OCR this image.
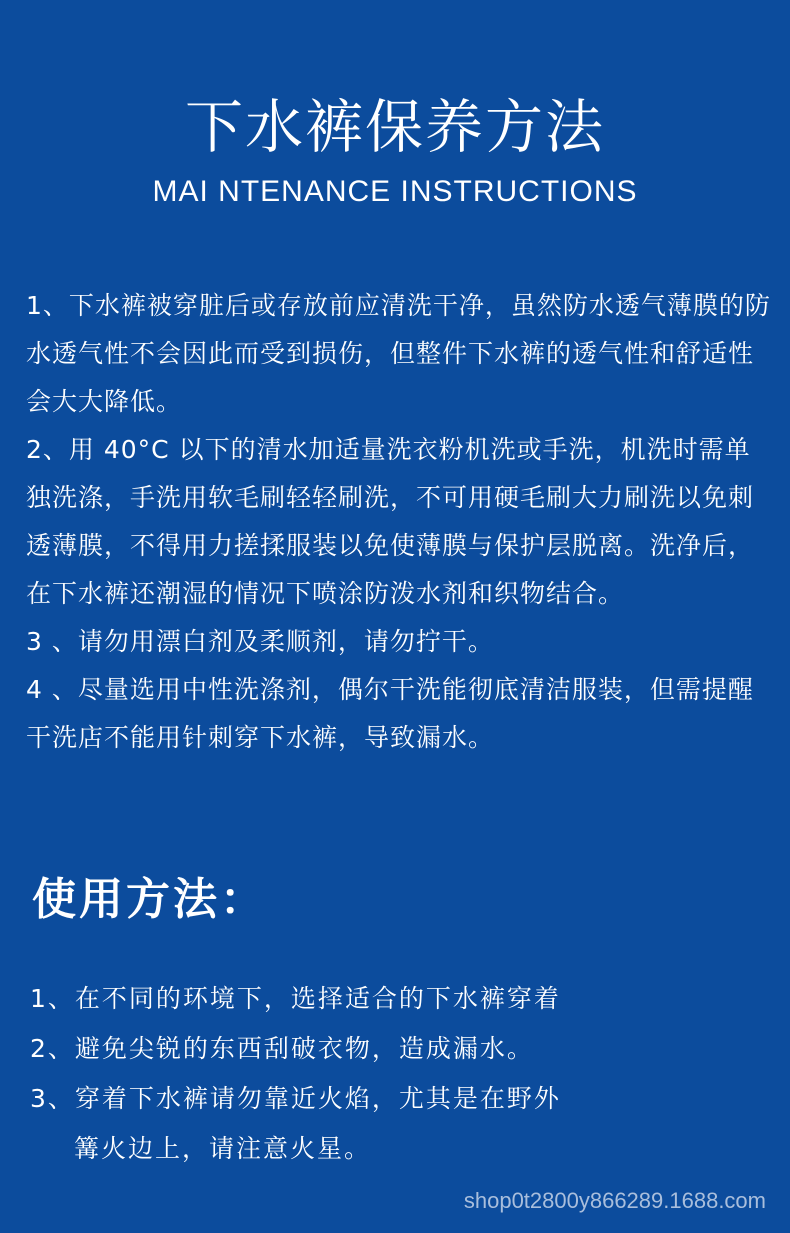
下水裤保养方法
MAI NTENANCE INSTRUCTIONS

1、下水裤被穿脏后或存放前应清洗干净，虽然防水透气薄膜的防水透气性不会因此而受到损伤，但整件下水裤的透气性和舒适性会大大降低。

2、用 40°C 以下的清水加适量洗衣粉机洗或手洗，机洗时需单独洗涤，手洗用软毛刷轻轻刷洗，不可用硬毛刷大力刷洗以免刺透薄膜，不得用力搓揉服装以免使薄膜与保护层脱离。洗净后，在下水裤还潮湿的情况下喷涂防泼水剂和织物结合。

3 、请勿用漂白剂及柔顺剂，请勿拧干。

4 、尽量选用中性洗涤剂，偶尔干洗能彻底清洁服装，但需提醒干洗店不能用针刺穿下水裤，导致漏水。

使用方法：

1、在不同的环境下，选择适合的下水裤穿着

2、避免尖锐的东西刮破衣物，造成漏水。

3、穿着下水裤请勿靠近火焰，尤其是在野外

篝火边上，请注意火星。

shop0t2800y866289.1688.com
